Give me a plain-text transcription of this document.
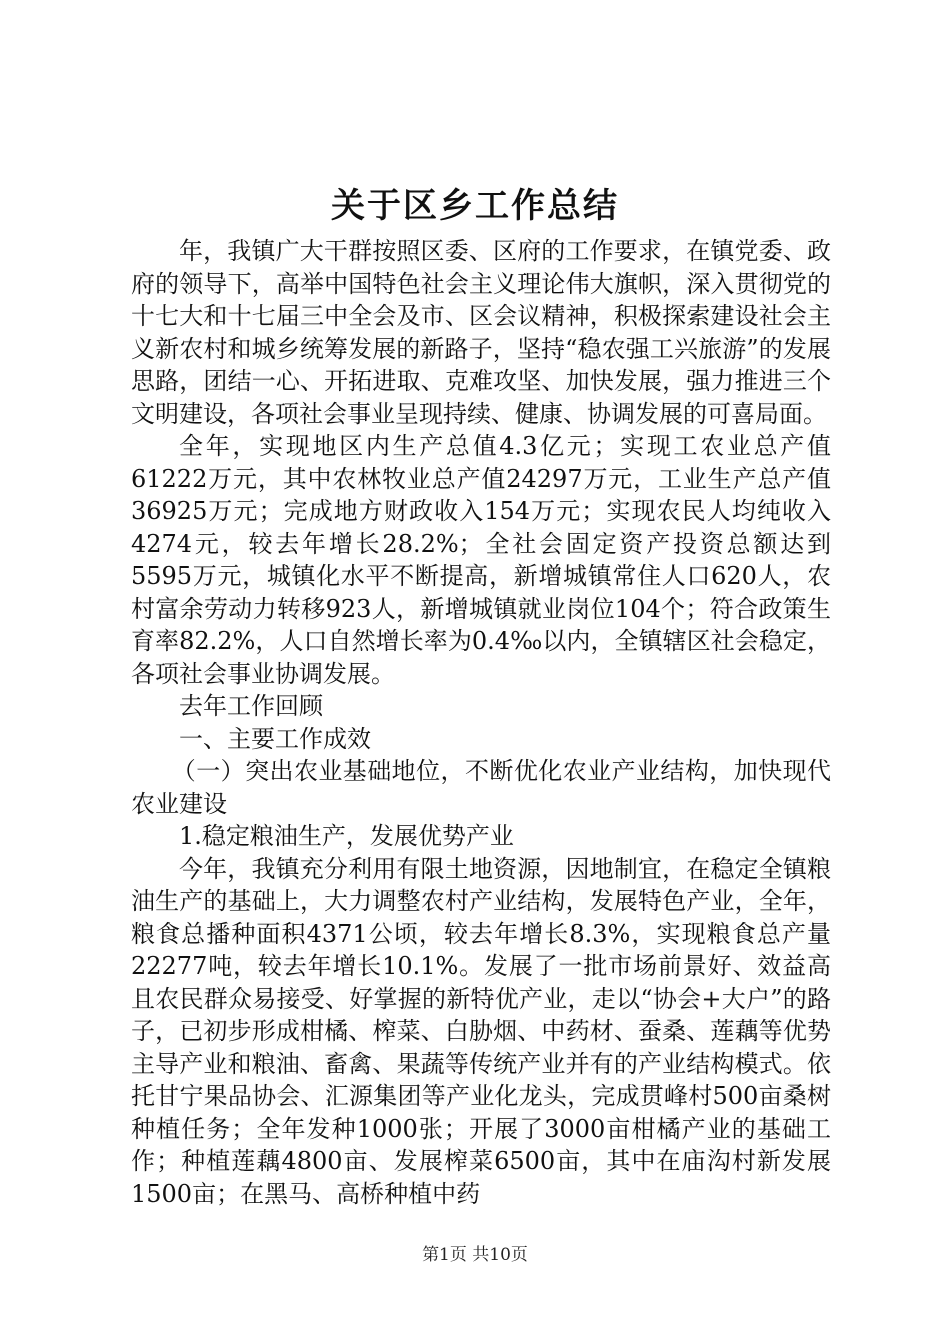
关于区乡工作总结

年，我镇广大干群按照区委、区府的工作要求，在镇党委、政府的领导下，高举中国特色社会主义理论伟大旗帜，深入贯彻党的十七大和十七届三中全会及市、区会议精神，积极探索建设社会主义新农村和城乡统筹发展的新路子，坚持“稳农强工兴旅游”的发展思路，团结一心、开拓进取、克难攻坚、加快发展，强力推进三个文明建设，各项社会事业呈现持续、健康、协调发展的可喜局面。

全年，实现地区内生产总值4.3亿元；实现工农业总产值61222万元，其中农林牧业总产值24297万元，工业生产总产值36925万元；完成地方财政收入154万元；实现农民人均纯收入4274元，较去年增长28.2%；全社会固定资产投资总额达到5595万元，城镇化水平不断提高，新增城镇常住人口620人，农村富余劳动力转移923人，新增城镇就业岗位104个；符合政策生育率82.2%，人口自然增长率为0.4‰以内，全镇辖区社会稳定，各项社会事业协调发展。

去年工作回顾

一、主要工作成效

（一）突出农业基础地位，不断优化农业产业结构，加快现代农业建设

1.稳定粮油生产，发展优势产业

今年，我镇充分利用有限土地资源，因地制宜，在稳定全镇粮油生产的基础上，大力调整农村产业结构，发展特色产业，全年，粮食总播种面积4371公顷，较去年增长8.3%，实现粮食总产量22277吨，较去年增长10.1%。发展了一批市场前景好、效益高且农民群众易接受、好掌握的新特优产业，走以“协会+大户”的路子，已初步形成柑橘、榨菜、白胁烟、中药材、蚕桑、莲藕等优势主导产业和粮油、畜禽、果蔬等传统产业并有的产业结构模式。依托甘宁果品协会、汇源集团等产业化龙头，完成贯峰村500亩桑树种植任务；全年发种1000张；开展了3000亩柑橘产业的基础工作；种植莲藕4800亩、发展榨菜6500亩，其中在庙沟村新发展1500亩；在黑马、高桥种植中药

第1页 共10页
